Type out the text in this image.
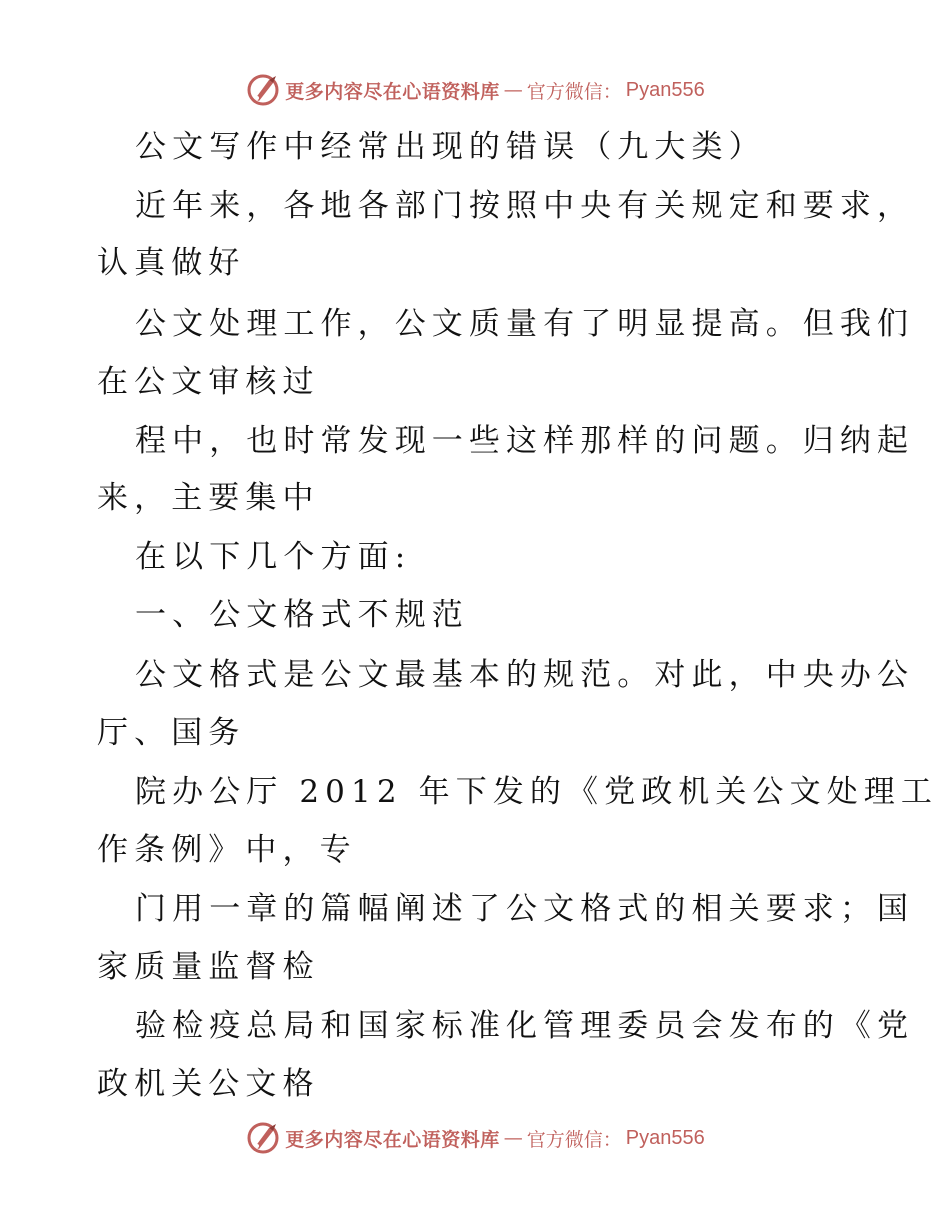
更多内容尽在心语资料库 — 官方微信： Pyan556
公文写作中经常出现的错误（九大类）
近年来，各地各部门按照中央有关规定和要求，
认真做好
公文处理工作，公文质量有了明显提高。但我们
在公文审核过
程中，也时常发现一些这样那样的问题。归纳起
来，主要集中
在以下几个方面:
一、公文格式不规范
公文格式是公文最基本的规范。对此，中央办公
厅、国务
院办公厅 2012 年下发的《党政机关公文处理工
作条例》中，专
门用一章的篇幅阐述了公文格式的相关要求；国
家质量监督检
验检疫总局和国家标准化管理委员会发布的《党
政机关公文格
更多内容尽在心语资料库 — 官方微信： Pyan556
